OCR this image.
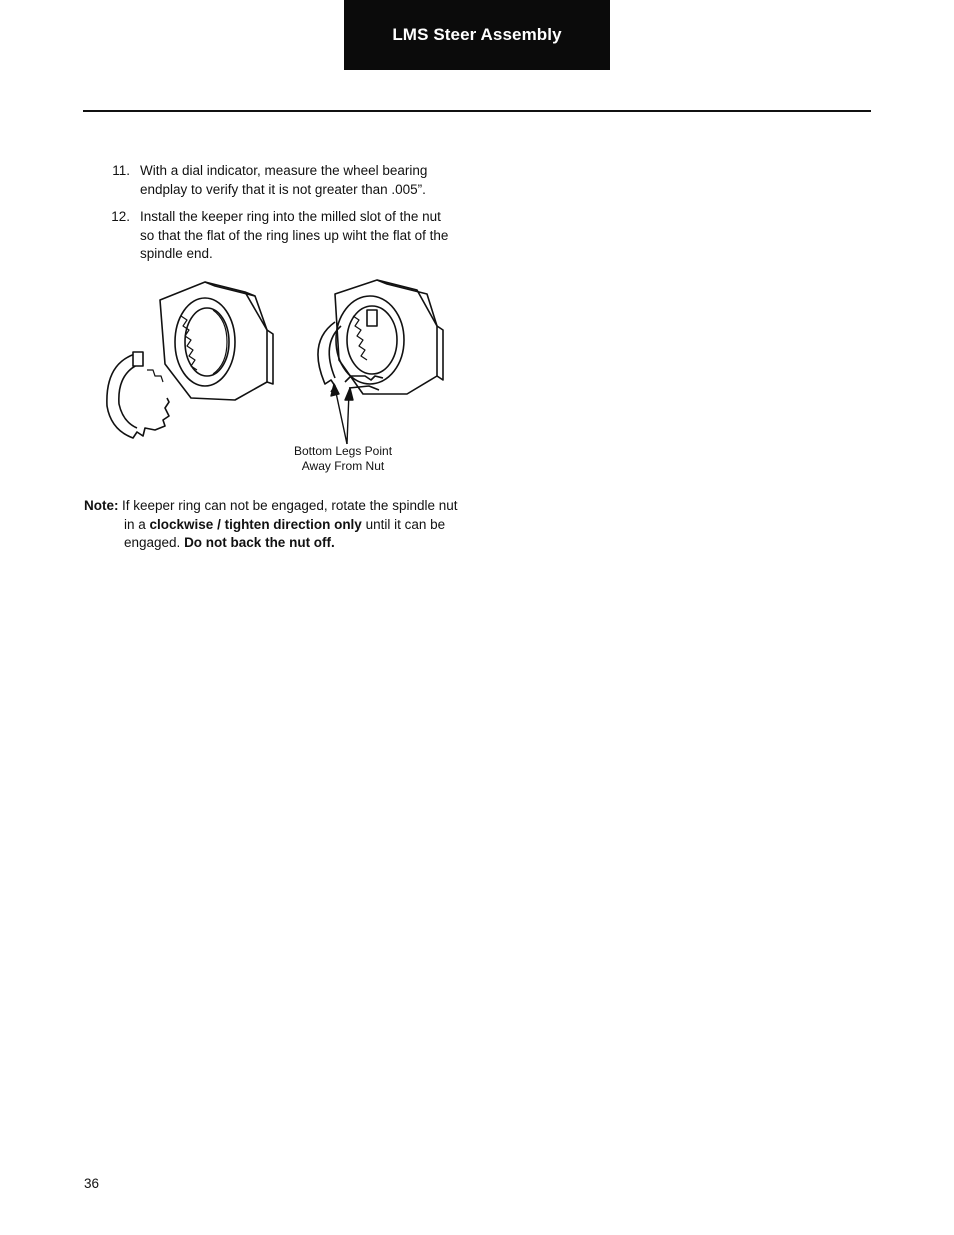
LMS Steer Assembly
11. With a dial indicator, measure the wheel bearing
endplay to verify that it is not greater than .005”.
12. Install the keeper ring into the milled slot of the nut
so that the flat of the ring lines up wiht the flat of the
spindle end.
Bottom Legs Point
Away From Nut
Note: If keeper ring can not be engaged, rotate the spindle nut
in a clockwise / tighten direction only until it can be
engaged. Do not back the nut off.
36
